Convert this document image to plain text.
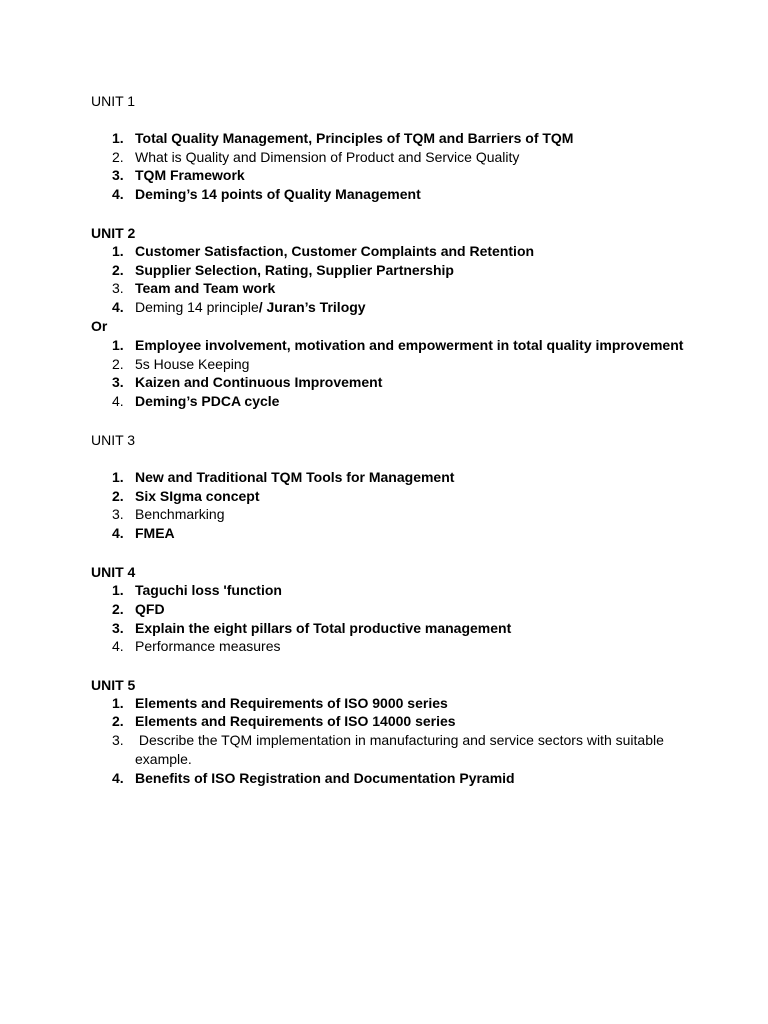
UNIT 1
1. Total Quality Management, Principles of TQM and Barriers of TQM
2. What is Quality and Dimension of Product and Service Quality
3. TQM Framework
4. Deming’s 14 points of Quality Management
UNIT 2
1. Customer Satisfaction, Customer Complaints and Retention
2. Supplier Selection, Rating, Supplier Partnership
3. Team and Team work
4. Deming 14 principle/ Juran’s Trilogy
Or
1. Employee involvement, motivation and empowerment in total quality improvement
2. 5s House Keeping
3. Kaizen and Continuous Improvement
4. Deming’s PDCA cycle
UNIT 3
1. New and Traditional TQM Tools for Management
2. Six SIgma concept
3. Benchmarking
4. FMEA
UNIT 4
1. Taguchi loss 'function
2. QFD
3. Explain the eight pillars of Total productive management
4. Performance measures
UNIT 5
1. Elements and Requirements of ISO 9000 series
2. Elements and Requirements of ISO 14000 series
3. Describe the TQM implementation in manufacturing and service sectors with suitable example.
4. Benefits of ISO Registration and Documentation Pyramid
